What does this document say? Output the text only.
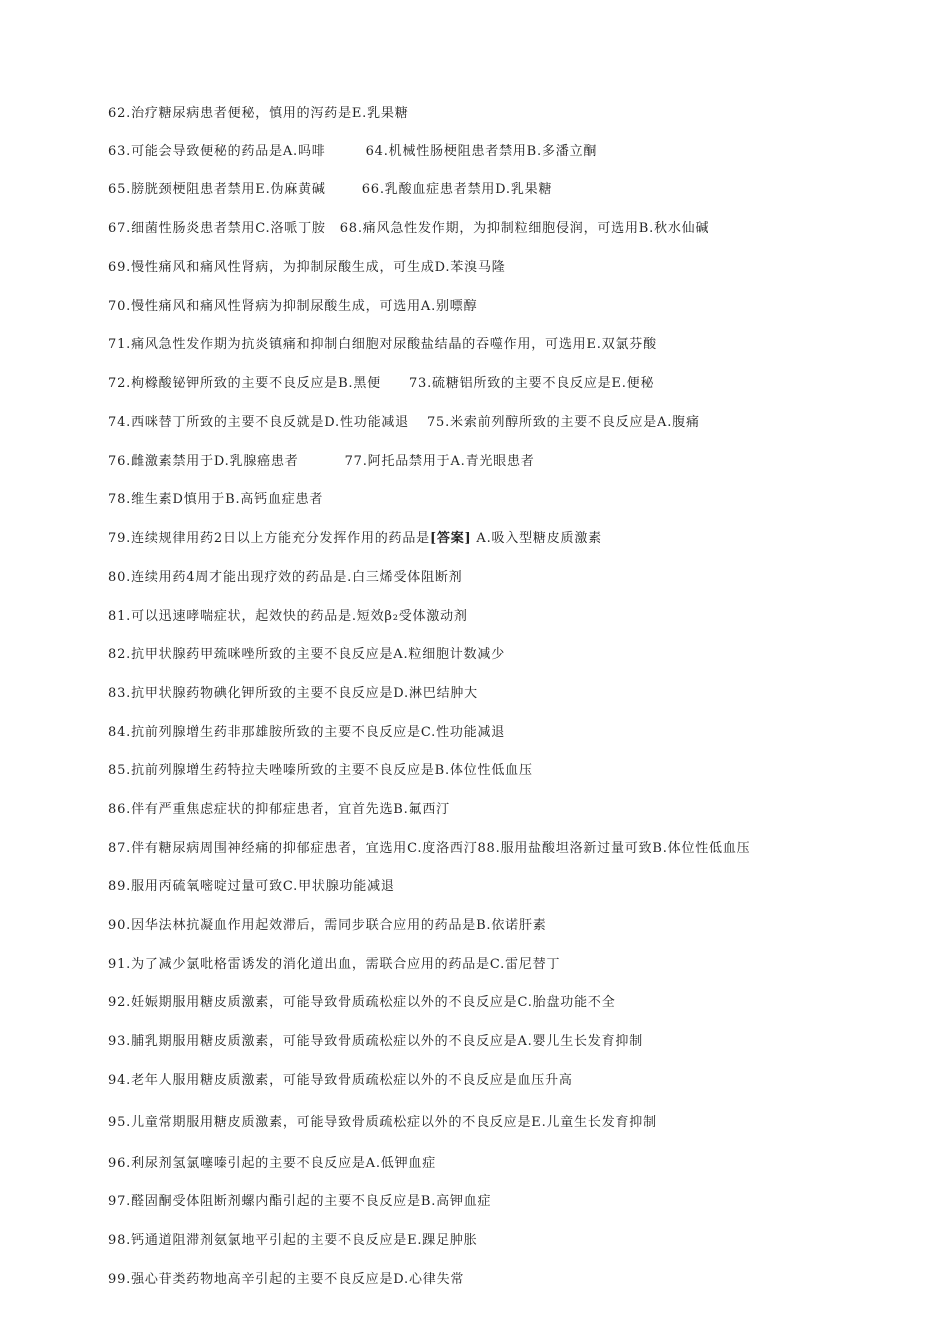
62.治疗糖尿病患者便秘，慎用的泻药是E.乳果糖
63.可能会导致便秘的药品是A.吗啡	64.机械性肠梗阻患者禁用B.多潘立酮
65.膀胱颈梗阻患者禁用E.伪麻黄碱	66.乳酸血症患者禁用D.乳果糖
67.细菌性肠炎患者禁用C.洛哌丁胺 68.痛风急性发作期，为抑制粒细胞侵润，可选用B.秋水仙碱
69.慢性痛风和痛风性肾病，为抑制尿酸生成，可生成D.苯溴马隆
70.慢性痛风和痛风性肾病为抑制尿酸生成，可选用A.别嘌醇
71.痛风急性发作期为抗炎镇痛和抑制白细胞对尿酸盐结晶的吞噬作用，可选用E.双氯芬酸
72.枸橼酸铋钾所致的主要不良反应是B.黑便 73.硫糖铝所致的主要不良反应是E.便秘
74.西咪替丁所致的主要不良反就是D.性功能减退 75.米索前列醇所致的主要不良反应是A.腹痛
76.雌激素禁用于D.乳腺癌患者	77.阿托品禁用于A.青光眼患者
78.维生素D慎用于B.高钙血症患者
79.连续规律用药2日以上方能充分发挥作用的药品是[答案] A.吸入型糖皮质激素
80.连续用药4周才能出现疗效的药品是.白三烯受体阻断剂
81.可以迅速哮喘症状，起效快的药品是.短效β₂受体激动剂
82.抗甲状腺药甲巯咪唑所致的主要不良反应是A.粒细胞计数减少
83.抗甲状腺药物碘化钾所致的主要不良反应是D.淋巴结肿大
84.抗前列腺增生药非那雄胺所致的主要不良反应是C.性功能减退
85.抗前列腺增生药特拉夫唑嗪所致的主要不良反应是B.体位性低血压
86.伴有严重焦虑症状的抑郁症患者，宜首先选B.氟西汀
87.伴有糖尿病周围神经痛的抑郁症患者，宜选用C.度洛西汀88.服用盐酸坦洛新过量可致B.体位性低血压
89.服用丙硫氧嘧啶过量可致C.甲状腺功能减退
90.因华法林抗凝血作用起效滞后，需同步联合应用的药品是B.依诺肝素
91.为了减少氯吡格雷诱发的消化道出血，需联合应用的药品是C.雷尼替丁
92.妊娠期服用糖皮质激素，可能导致骨质疏松症以外的不良反应是C.胎盘功能不全
93.脯乳期服用糖皮质激素，可能导致骨质疏松症以外的不良反应是A.婴儿生长发育抑制
94.老年人服用糖皮质激素，可能导致骨质疏松症以外的不良反应是血压升高
95.儿童常期服用糖皮质激素，可能导致骨质疏松症以外的不良反应是E.儿童生长发育抑制
96.利尿剂氢氯噻嗪引起的主要不良反应是A.低钾血症
97.醛固酮受体阻断剂螺内酯引起的主要不良反应是B.高钾血症
98.钙通道阻滞剂氨氯地平引起的主要不良反应是E.踝足肿胀
99.强心苷类药物地高辛引起的主要不良反应是D.心律失常
